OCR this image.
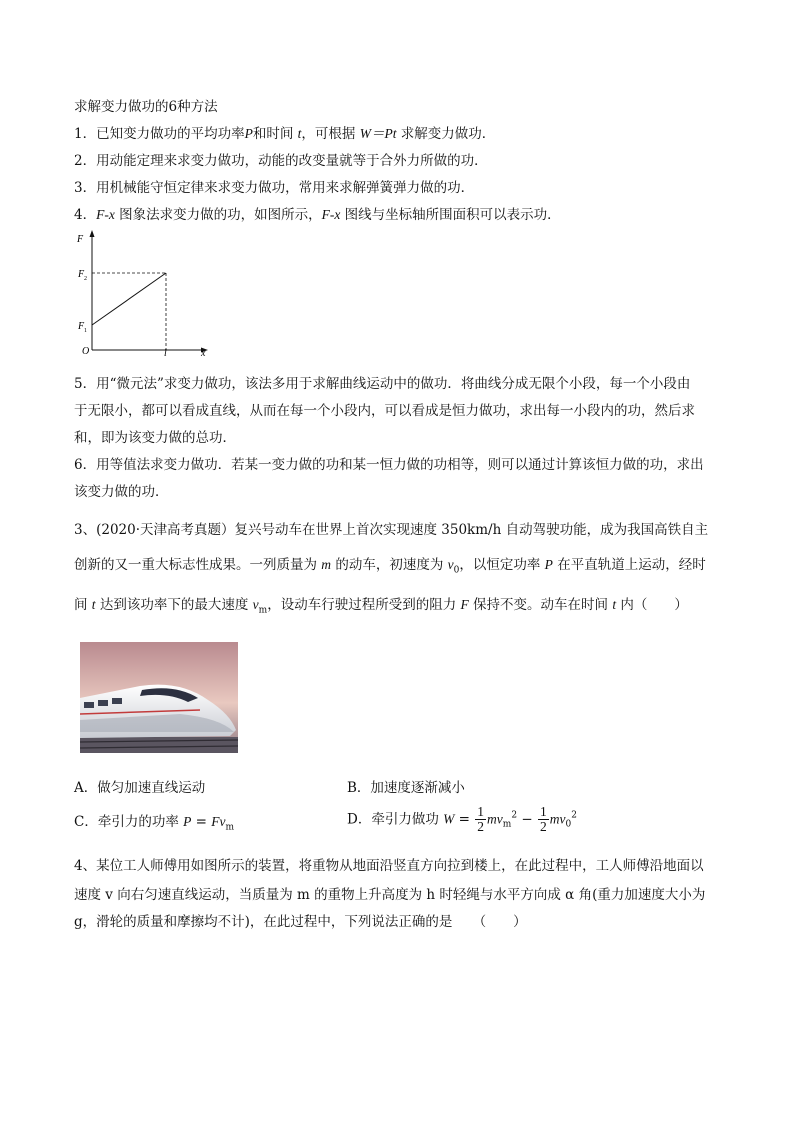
求解变力做功的6种方法
1．已知变力做功的平均功率P和时间 t，可根据 W＝Pt 求解变力做功．
2．用动能定理来求变力做功，动能的改变量就等于合外力所做的功．
3．用机械能守恒定律来求变力做功，常用来求解弹簧弹力做的功．
4．F-x 图象法求变力做的功，如图所示，F-x 图线与坐标轴所围面积可以表示功．
F
x
O
F 1
F 2
l
5．用“微元法”求变力做功，该法多用于求解曲线运动中的做功．将曲线分成无限个小段，每一个小段由
于无限小，都可以看成直线，从而在每一个小段内，可以看成是恒力做功，求出每一小段内的功，然后求
和，即为该变力做的总功．
6．用等值法求变力做功．若某一变力做的功和某一恒力做的功相等，则可以通过计算该恒力做的功，求出
该变力做的功．
3、(2020·天津高考真题）复兴号动车在世界上首次实现速度 350km/h 自动驾驶功能，成为我国高铁自主
创新的又一重大标志性成果。一列质量为 m 的动车，初速度为 $v_0$，以恒定功率 P 在平直轨道上运动，经时
间 t 达到该功率下的最大速度 $v_m$，设动车行驶过程所受到的阻力 F 保持不变。动车在时间 t 内（　　）
A．做匀加速直线运动	B．加速度逐渐减小
C．牵引力的功率 $P = Fv_m$
D．牵引力做功 $W = \frac{1}{2} mv_m^2 - \frac{1}{2} mv_0^2$
4、某位工人师傅用如图所示的装置，将重物从地面沿竖直方向拉到楼上，在此过程中，工人师傅沿地面以
速度 v 向右匀速直线运动，当质量为 m 的重物上升高度为 h 时轻绳与水平方向成 α 角(重力加速度大小为
g，滑轮的质量和摩擦均不计)，在此过程中，下列说法正确的是　　（　　）
